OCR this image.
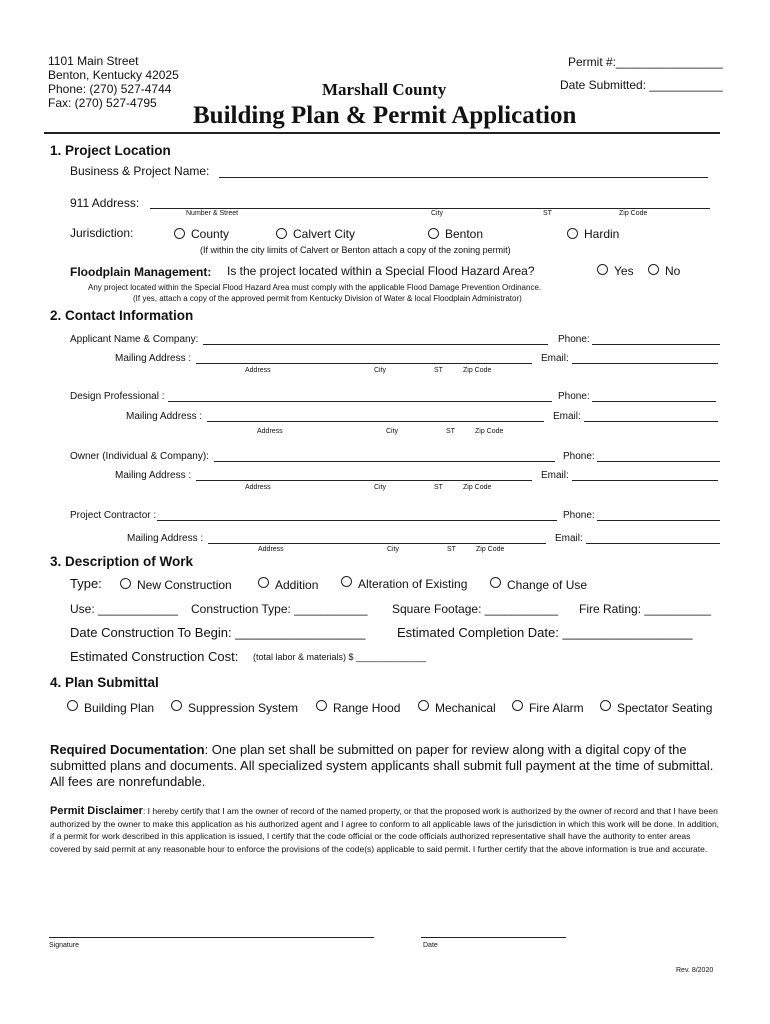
1101 Main Street
Benton, Kentucky 42025
Phone: (270) 527-4744
Fax: (270) 527-4795
Permit #:________________
Date Submitted: ___________
Marshall County
Building Plan & Permit Application
1. Project Location
Business & Project Name:
911 Address:
Number & Street	City	ST	Zip Code
Jurisdiction:	County	Calvert City	Benton	Hardin
(If within the city limits of Calvert or Benton attach a copy of the zoning permit)
Floodplain Management: Is the project located within a Special Flood Hazard Area?	Yes	No
Any project located within the Special Flood Hazard Area must comply with the applicable Flood Damage Prevention Ordinance.
(If yes, attach a copy of the approved permit from Kentucky Division of Water & local Floodplain Administrator)
2. Contact Information
Applicant Name & Company:	Phone:
Mailing Address :	Email:
Address	City	ST	Zip Code
Design Professional :	Phone:
Mailing Address :	Email:
Address	City	ST	Zip Code
Owner (Individual & Company):	Phone:
Mailing Address :	Email:
Address	City	ST	Zip Code
Project Contractor :	Phone:
Mailing Address :	Email:
Address	City	ST	Zip Code
3. Description of Work
Type:	New Construction	Addition	Alteration of Existing	Change of Use
Use: ____________ Construction Type: ___________ Square Footage: ___________ Fire Rating: __________
Date Construction To Begin: __________________ Estimated Completion Date: __________________
Estimated Construction Cost: (total labor & materials) $ ______________
4. Plan Submittal
Building Plan	Suppression System	Range Hood	Mechanical	Fire Alarm	Spectator Seating
Required Documentation: One plan set shall be submitted on paper for review along with a digital copy of the submitted plans and documents. All specialized system applicants shall submit full payment at the time of submittal. All fees are nonrefundable.
Permit Disclaimer: I hereby certify that I am the owner of record of the named property, or that the proposed work is authorized by the owner of record and that I have been authorized by the owner to make this application as his authorized agent and I agree to conform to all applicable laws of the jurisdiction in which this work will be done. In addition, if a permit for work described in this application is issued, I certify that the code official or the code officials authorized representative shall have the authority to enter areas covered by said permit at any reasonable hour to enforce the provisions of the code(s) applicable to said permit. I further certify that the above information is true and accurate.
Signature	Date
Rev. 8/2020
